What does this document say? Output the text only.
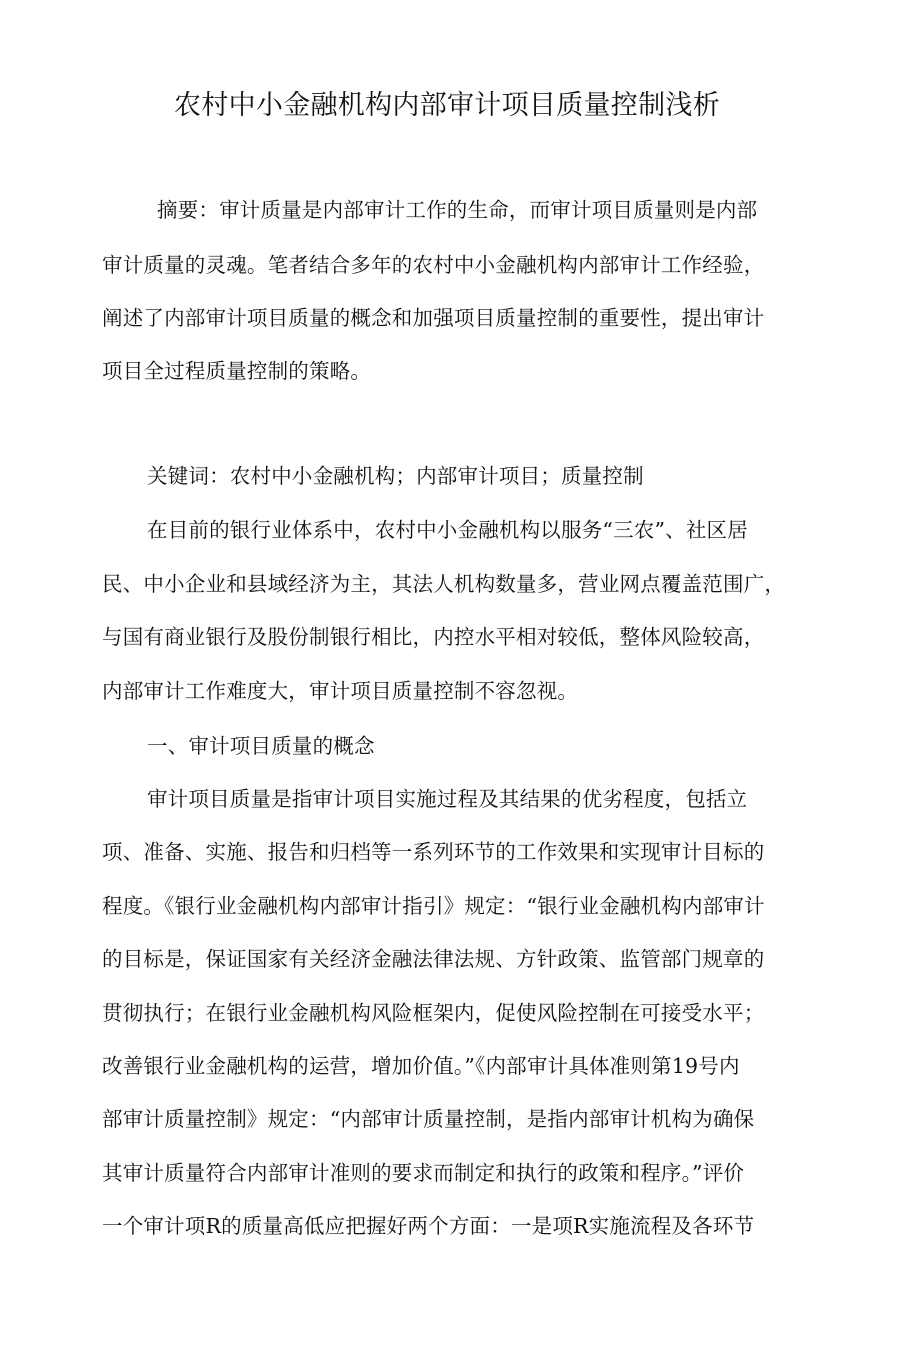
农村中小金融机构内部审计项目质量控制浅析
摘要：审计质量是内部审计工作的生命，而审计项目质量则是内部
审计质量的灵魂。笔者结合多年的农村中小金融机构内部审计工作经验，
阐述了内部审计项目质量的概念和加强项目质量控制的重要性，提出审计
项目全过程质量控制的策略。
关键词：农村中小金融机构；内部审计项目；质量控制
在目前的银行业体系中，农村中小金融机构以服务“三农”、社区居
民、中小企业和县域经济为主，其法人机构数量多，营业网点覆盖范围广，
与国有商业银行及股份制银行相比，内控水平相对较低，整体风险较高，
内部审计工作难度大，审计项目质量控制不容忽视。
一、审计项目质量的概念
审计项目质量是指审计项目实施过程及其结果的优劣程度，包括立
项、准备、实施、报告和归档等一系列环节的工作效果和实现审计目标的
程度。《银行业金融机构内部审计指引》规定：“银行业金融机构内部审计
的目标是，保证国家有关经济金融法律法规、方针政策、监管部门规章的
贯彻执行；在银行业金融机构风险框架内，促使风险控制在可接受水平；
改善银行业金融机构的运营，增加价值。”《内部审计具体准则第19号内
部审计质量控制》规定：“内部审计质量控制，是指内部审计机构为确保
其审计质量符合内部审计准则的要求而制定和执行的政策和程序。”评价
一个审计项R的质量高低应把握好两个方面：一是项R实施流程及各环节
